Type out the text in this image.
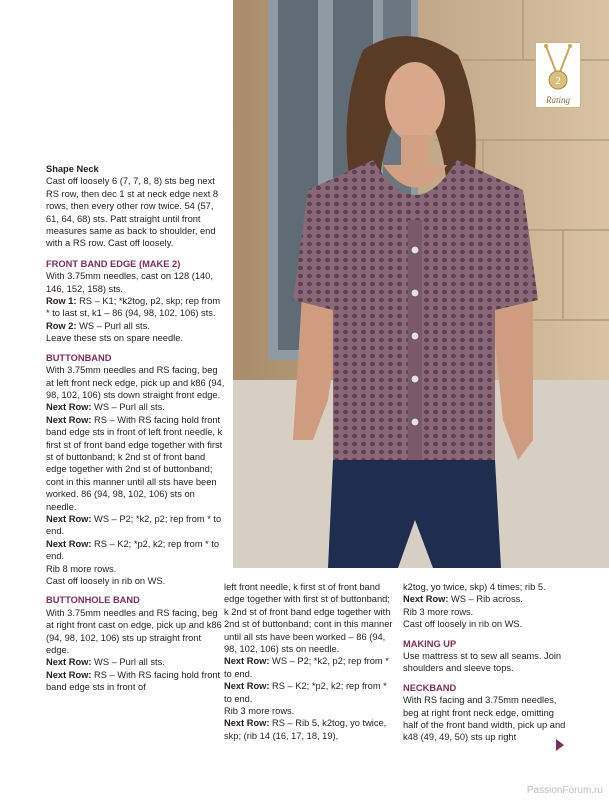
2
Rating

Shape Neck

Cast off loosely 6 (7, 7, 8, 8) sts beg next RS row, then dec 1 st at neck edge next 8 rows, then every other row twice. 54 (57, 61, 64, 68) sts. Patt straight until front measures same as back to shoulder, end with a RS row. Cast off loosely.

FRONT BAND EDGE (MAKE 2)

With 3.75mm needles, cast on 128 (140, 146, 152, 158) sts.

Row 1: RS – K1; *k2tog, p2, skp; rep from * to last st, k1 – 86 (94, 98, 102, 106) sts.

Row 2: WS – Purl all sts.

Leave these sts on spare needle.

BUTTONBAND

With 3.75mm needles and RS facing, beg at left front neck edge, pick up and k86 (94, 98, 102, 106) sts down straight front edge.

Next Row: WS – Purl all sts.

Next Row: RS – With RS facing hold front band edge sts in front of left front needle, k first st of front band edge together with first st of buttonband; k 2nd st of front band edge together with 2nd st of buttonband; cont in this manner until all sts have been worked. 86 (94, 98, 102, 106) sts on needle.

Next Row: WS – P2; *k2, p2; rep from * to end.

Next Row: RS – K2; *p2, k2; rep from * to end.

Rib 8 more rows.

Cast off loosely in rib on WS.

BUTTONHOLE BAND

With 3.75mm needles and RS facing, beg at right front cast on edge, pick up and k86 (94, 98, 102, 106) sts up straight front edge.

Next Row: WS – Purl all sts.

Next Row: RS – With RS facing hold front band edge sts in front of

left front needle, k first st of front band edge together with first st of buttonband; k 2nd st of front band edge together with 2nd st of buttonband; cont in this manner until all sts have been worked – 86 (94, 98, 102, 106) sts on needle.

Next Row: WS – P2; *k2, p2; rep from * to end.

Next Row: RS – K2; *p2, k2; rep from * to end.

Rib 3 more rows.

Next Row: RS – Rib 5, k2tog, yo twice, skp; (rib 14 (16, 17, 18, 19),

k2tog, yo twice, skp) 4 times; rib 5.

Next Row: WS – Rib across.

Rib 3 more rows.

Cast off loosely in rib on WS.

MAKING UP

Use mattress st to sew all seams. Join shoulders and sleeve tops.

NECKBAND

With RS facing and 3.75mm needles, beg at right front neck edge, omitting half of the front band width, pick up and k48 (49, 49, 50) sts up right

PassionForum.ru
